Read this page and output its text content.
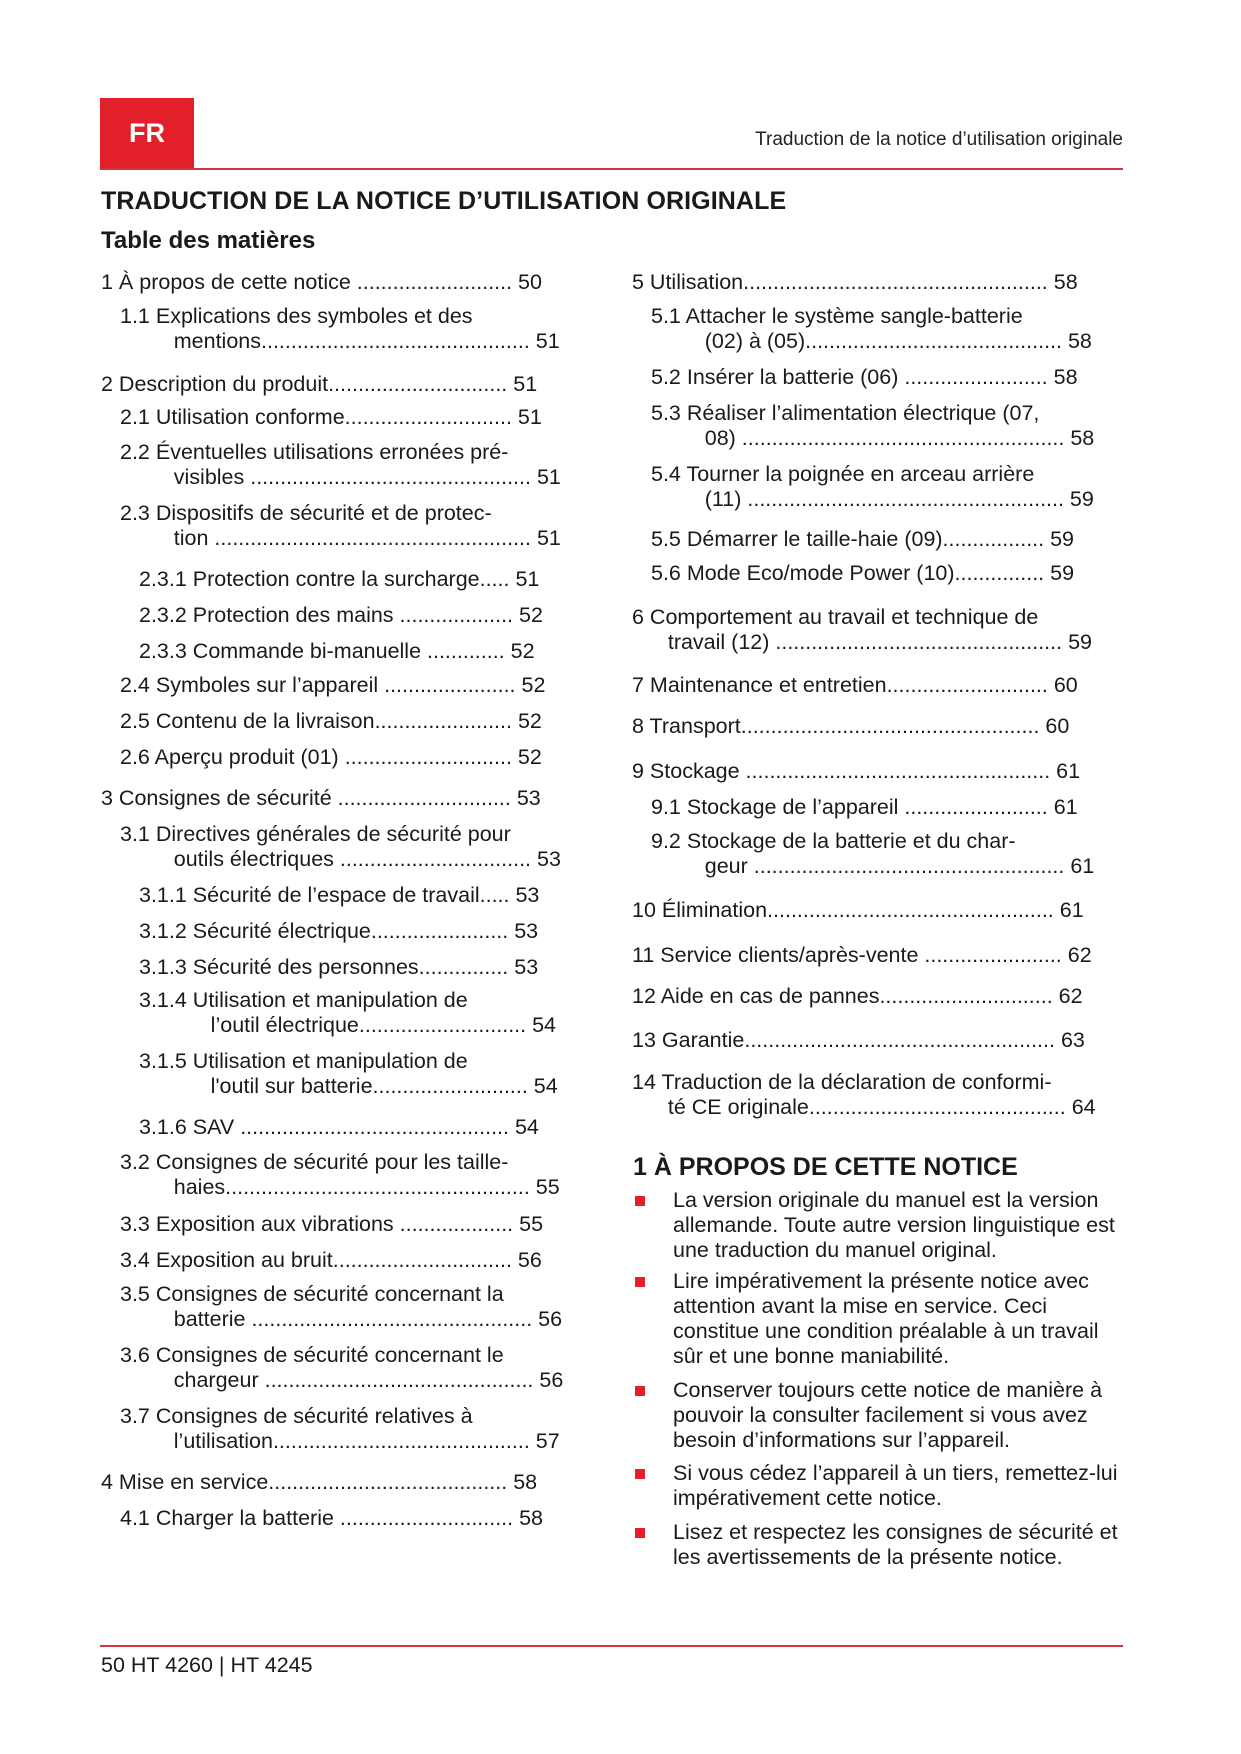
FR	Traduction de la notice d’utilisation originale
TRADUCTION DE LA NOTICE D’UTILISATION ORIGINALE
Table des matières
1 À propos de cette notice .......................... 50
1.1 Explications des symboles et des
mentions............................................. 51
2 Description du produit.............................. 51
2.1 Utilisation conforme............................ 51
2.2 Éventuelles utilisations erronées pré-
visibles ............................................... 51
2.3 Dispositifs de sécurité et de protec-
tion ..................................................... 51
2.3.1 Protection contre la surcharge..... 51
2.3.2 Protection des mains ................... 52
2.3.3 Commande bi-manuelle ............. 52
2.4 Symboles sur l’appareil ...................... 52
2.5 Contenu de la livraison....................... 52
2.6 Aperçu produit (01) ............................ 52
3 Consignes de sécurité ............................. 53
3.1 Directives générales de sécurité pour
outils électriques ................................ 53
3.1.1 Sécurité de l’espace de travail..... 53
3.1.2 Sécurité électrique....................... 53
3.1.3 Sécurité des personnes............... 53
3.1.4 Utilisation et manipulation de
l’outil électrique............................ 54
3.1.5 Utilisation et manipulation de
l'outil sur batterie.......................... 54
3.1.6 SAV ............................................. 54
3.2 Consignes de sécurité pour les taille-
haies................................................... 55
3.3 Exposition aux vibrations ................... 55
3.4 Exposition au bruit.............................. 56
3.5 Consignes de sécurité concernant la
batterie ............................................... 56
3.6 Consignes de sécurité concernant le
chargeur ............................................. 56
3.7 Consignes de sécurité relatives à
l’utilisation........................................... 57
4 Mise en service........................................ 58
4.1 Charger la batterie ............................. 58
5 Utilisation................................................... 58
5.1 Attacher le système sangle-batterie
(02) à (05)........................................... 58
5.2 Insérer la batterie (06) ........................ 58
5.3 Réaliser l’alimentation électrique (07,
08) ...................................................... 58
5.4 Tourner la poignée en arceau arrière
(11) ..................................................... 59
5.5 Démarrer le taille-haie (09)................. 59
5.6 Mode Eco/mode Power (10)............... 59
6 Comportement au travail et technique de
travail (12) ................................................ 59
7 Maintenance et entretien........................... 60
8 Transport.................................................. 60
9 Stockage ................................................... 61
9.1 Stockage de l’appareil ........................ 61
9.2 Stockage de la batterie et du char-
geur .................................................... 61
10 Élimination................................................ 61
11 Service clients/après-vente ....................... 62
12 Aide en cas de pannes............................. 62
13 Garantie.................................................... 63
14 Traduction de la déclaration de conformi-
té CE originale........................................... 64
1 À PROPOS DE CETTE NOTICE
La version originale du manuel est la version allemande. Toute autre version linguistique est une traduction du manuel original.
Lire impérativement la présente notice avec attention avant la mise en service. Ceci constitue une condition préalable à un travail sûr et une bonne maniabilité.
Conserver toujours cette notice de manière à pouvoir la consulter facilement si vous avez besoin d’informations sur l’appareil.
Si vous cédez l’appareil à un tiers, remettez-lui impérativement cette notice.
Lisez et respectez les consignes de sécurité et les avertissements de la présente notice.
50 HT 4260 | HT 4245
